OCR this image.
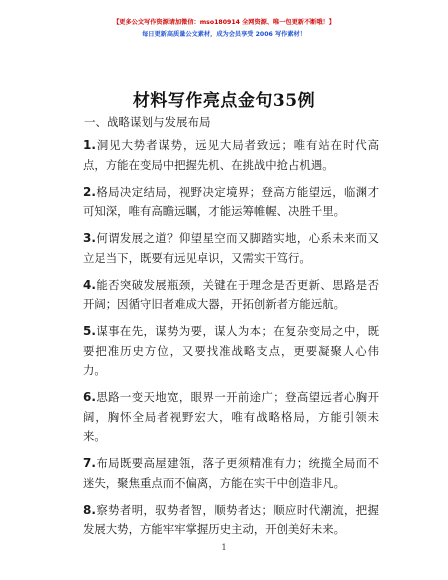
【更多公文写作资源请加微信：mso180914 全网资源、唯一包更新不断哦！】
每日更新高质量公文素材，成为会员享受 2006 写作素材！
材料写作亮点金句35例
一、战略谋划与发展布局

1.洞见大势者谋势，远见大局者致远；唯有站在时代高点，方能在变局中把握先机、在挑战中抢占机遇。

2.格局决定结局，视野决定境界；登高方能望远，临渊才可知深，唯有高瞻远瞩，才能运筹帷幄、决胜千里。

3.何谓发展之道？仰望星空而又脚踏实地，心系未来而又立足当下，既要有远见卓识，又需实干笃行。

4.能否突破发展瓶颈，关键在于理念是否更新、思路是否开阔；因循守旧者难成大器，开拓创新者方能远航。

5.谋事在先，谋势为要，谋人为本；在复杂变局之中，既要把准历史方位，又要找准战略支点，更要凝聚人心伟力。

6.思路一变天地宽，眼界一开前途广；登高望远者心胸开阔，胸怀全局者视野宏大，唯有战略格局，方能引领未来。

7.布局既要高屋建瓴，落子更须精准有力；统揽全局而不迷失，聚焦重点而不偏离，方能在实干中创造非凡。

8.察势者明，驭势者智，顺势者达；顺应时代潮流，把握发展大势，方能牢牢掌握历史主动，开创美好未来。

1
